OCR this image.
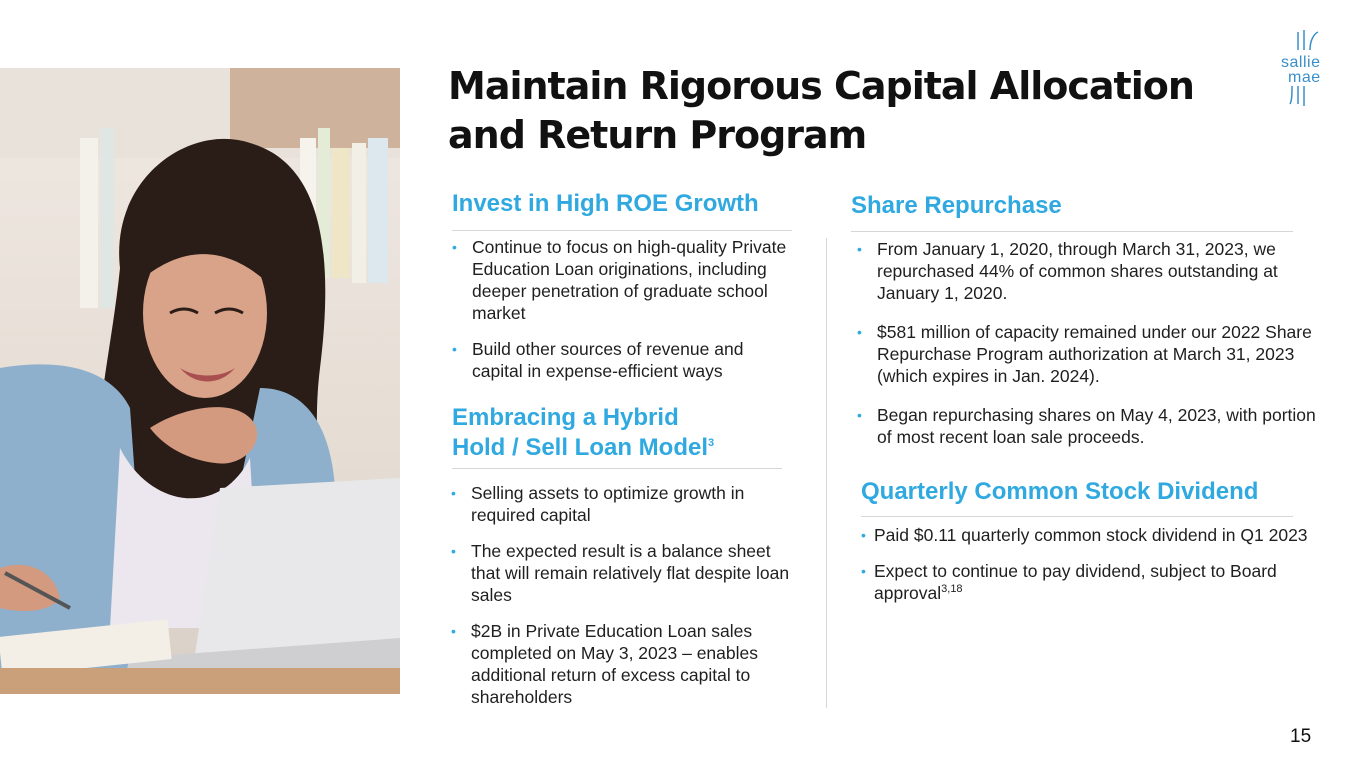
sallie
mae
Maintain Rigorous Capital Allocation
and Return Program
Invest in High ROE Growth
• Continue to focus on high-quality Private Education Loan originations, including deeper penetration of graduate school market
• Build other sources of revenue and capital in expense-efficient ways
Embracing a Hybrid
Hold / Sell Loan Model$^3$
• Selling assets to optimize growth in required capital
• The expected result is a balance sheet that will remain relatively flat despite loan sales
• $2B in Private Education Loan sales completed on May 3, 2023 – enables additional return of excess capital to shareholders
Share Repurchase
• From January 1, 2020, through March 31, 2023, we repurchased 44% of common shares outstanding at January 1, 2020.
• $581 million of capacity remained under our 2022 Share Repurchase Program authorization at March 31, 2023 (which expires in Jan. 2024).
• Began repurchasing shares on May 4, 2023, with portion of most recent loan sale proceeds.
Quarterly Common Stock Dividend
• Paid $0.11 quarterly common stock dividend in Q1 2023
• Expect to continue to pay dividend, subject to Board approval$^{3,18}$
15
